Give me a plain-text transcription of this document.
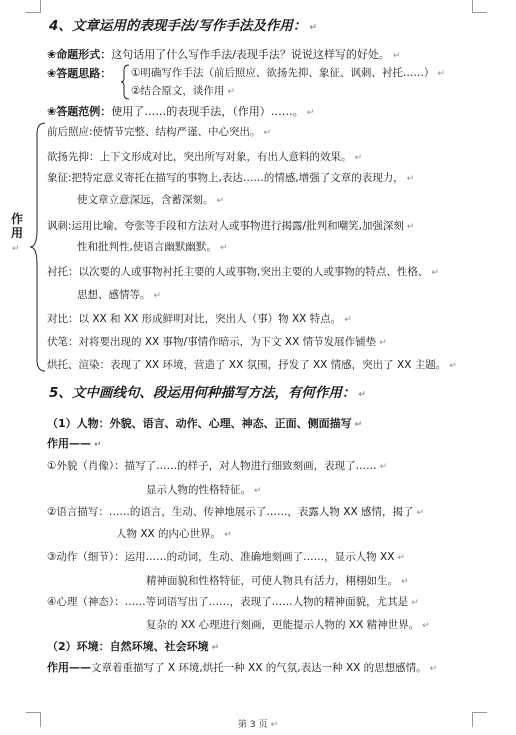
4、文章运用的表现手法/写作手法及作用： ↵
❀命题形式：这句话用了什么写作手法/表现手法？说说这样写的好处。 ↵
❀答题思路： ①明确写作手法（前后照应、欲扬先抑、象征、讽刺、衬托……） ↵
②结合原文，谈作用 ↵
❀答题范例：使用了……的表现手法，（作用）……。 ↵
作用
↵
前后照应:使情节完整、结构严谨、中心突出。 ↵
欲扬先抑：上下文形成对比，突出所写对象，有出人意料的效果。 ↵
象征:把特定意义寄托在描写的事物上,表达……的情感,增强了文章的表现力， ↵
使文章立意深远，含蓄深刻。 ↵
讽刺:运用比喻、夸张等手段和方法对人或事物进行揭露/批判和嘲笑,加强深刻 ↵
性和批判性,使语言幽默幽默。 ↵
衬托：以次要的人或事物衬托主要的人或事物,突出主要的人或事物的特点、性格、 ↵
思想、感情等。 ↵
对比：以 XX 和 XX 形成鲜明对比，突出人（事）物 XX 特点。 ↵
伏笔：对将要出现的 XX 事物/事情作暗示，为下文 XX 情节发展作铺垫 ↵
烘托、渲染：表现了 XX 环境，营造了 XX 氛围，抒发了 XX 情感，突出了 XX 主题。 ↵
5、文中画线句、段运用何种描写方法，有何作用： ↵
（1）人物：外貌、语言、动作、心理、神态、正面、侧面描写 ↵
作用—— ↵
①外貌（肖像）：描写了……的样子，对人物进行细致刻画，表现了…… ↵
显示人物的性格特征。 ↵
②语言描写：……的语言，生动、传神地展示了……，表露人物 XX 感情，揭了 ↵
人物 XX 的内心世界。 ↵
③动作（细节）：运用……的动词，生动、准确地刻画了……，显示人物 XX ↵
精神面貌和性格特征，可使人物具有活力，栩栩如生。 ↵
④心理（神态）：……等词语写出了……，表现了……人物的精神面貌，尤其是 ↵
复杂的 XX 心理进行刻画，更能提示人物的 XX 精神世界。 ↵
（2）环境：自然环境、社会环境 ↵
作用——文章着重描写了 X 环境,烘托一种 XX 的气氛,表达一种 XX 的思想感情。 ↵
第 3 页 ↵
